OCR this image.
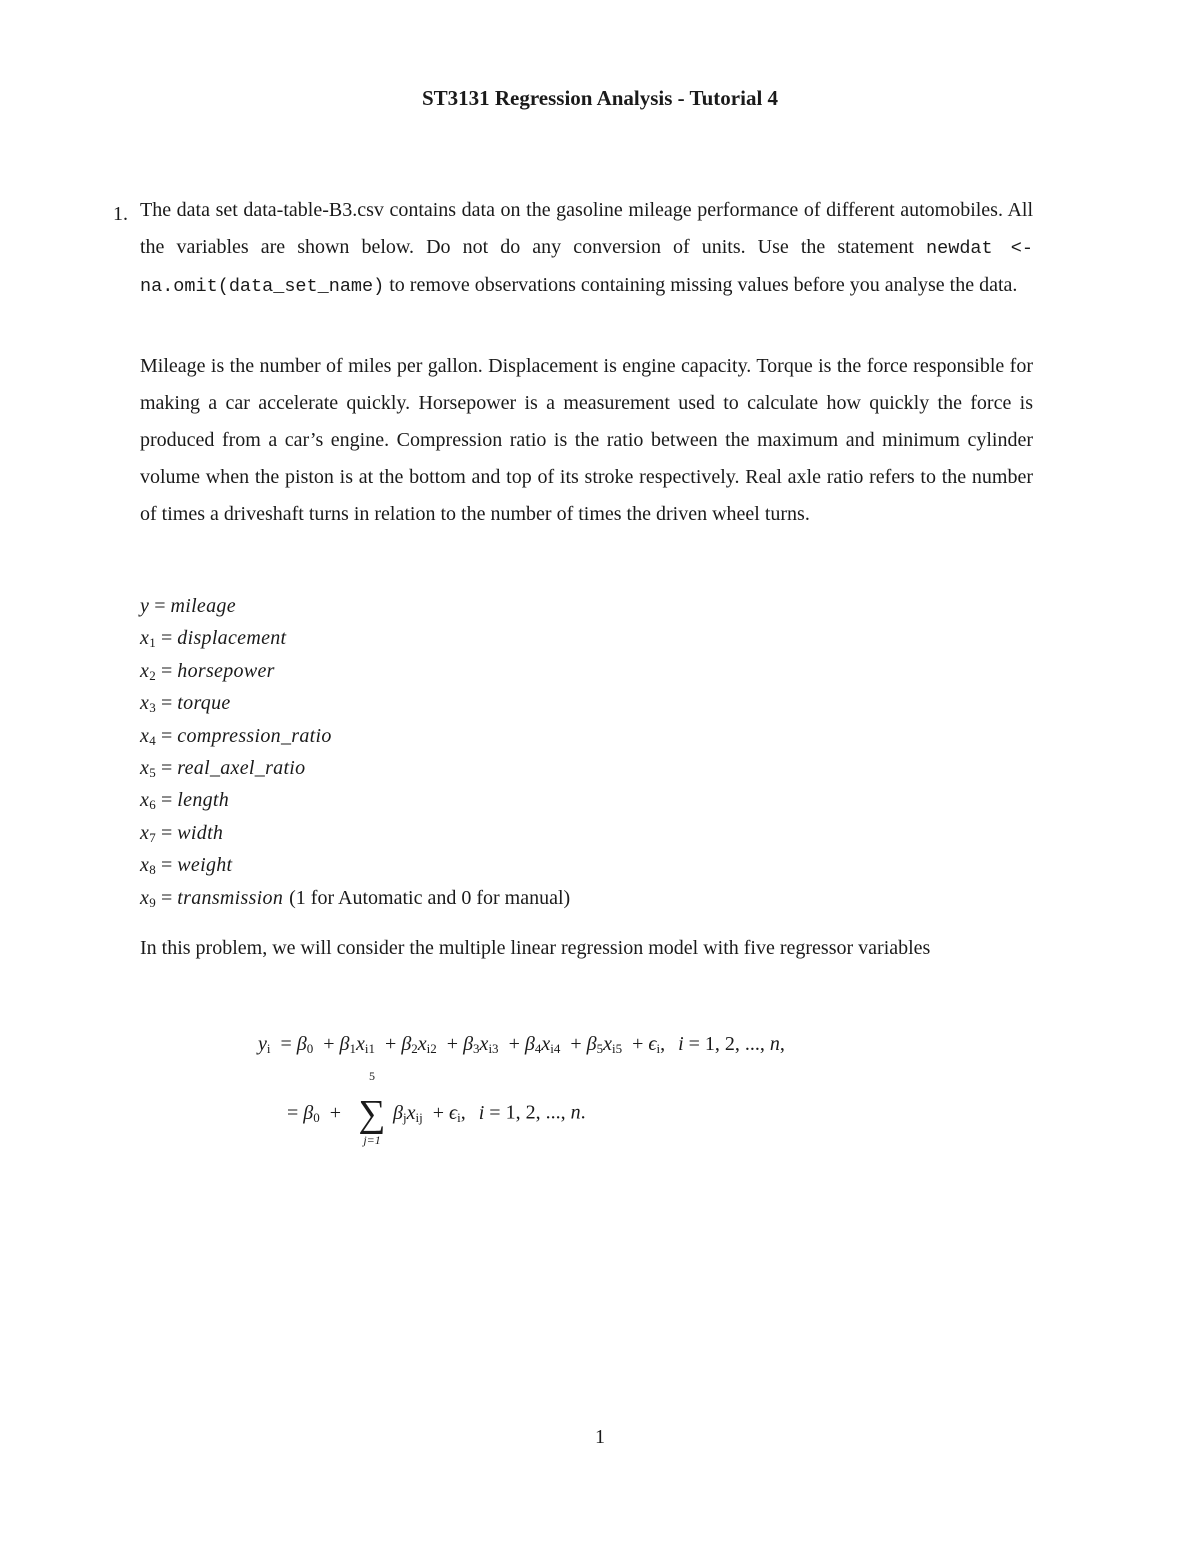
ST3131 Regression Analysis - Tutorial 4
1. The data set data-table-B3.csv contains data on the gasoline mileage performance of different automobiles. All the variables are shown below. Do not do any conversion of units. Use the statement newdat <- na.omit(data_set_name) to remove observations containing missing values before you analyse the data.
Mileage is the number of miles per gallon. Displacement is engine capacity. Torque is the force responsible for making a car accelerate quickly. Horsepower is a measurement used to calculate how quickly the force is produced from a car’s engine. Compression ratio is the ratio between the maximum and minimum cylinder volume when the piston is at the bottom and top of its stroke respectively. Real axle ratio refers to the number of times a driveshaft turns in relation to the number of times the driven wheel turns.
y = mileage
$x_1$ = displacement
$x_2$ = horsepower
$x_3$ = torque
$x_4$ = compression_ratio
$x_5$ = real_axel_ratio
$x_6$ = length
$x_7$ = width
$x_8$ = weight
$x_9$ = transmission (1 for Automatic and 0 for manual)
In this problem, we will consider the multiple linear regression model with five regressor variables
$y_i = \beta_0 + \beta_1x_{i1} + \beta_2x_{i2} + \beta_3x_{i3} + \beta_4x_{i4} + \beta_5x_{i5} + \epsilon_i$, i = 1, 2, ..., n,
= $\beta_0$ +
5
∑
j=1
$\beta_jx_{ij} + \epsilon_i$, i = 1, 2, ..., n.
1
